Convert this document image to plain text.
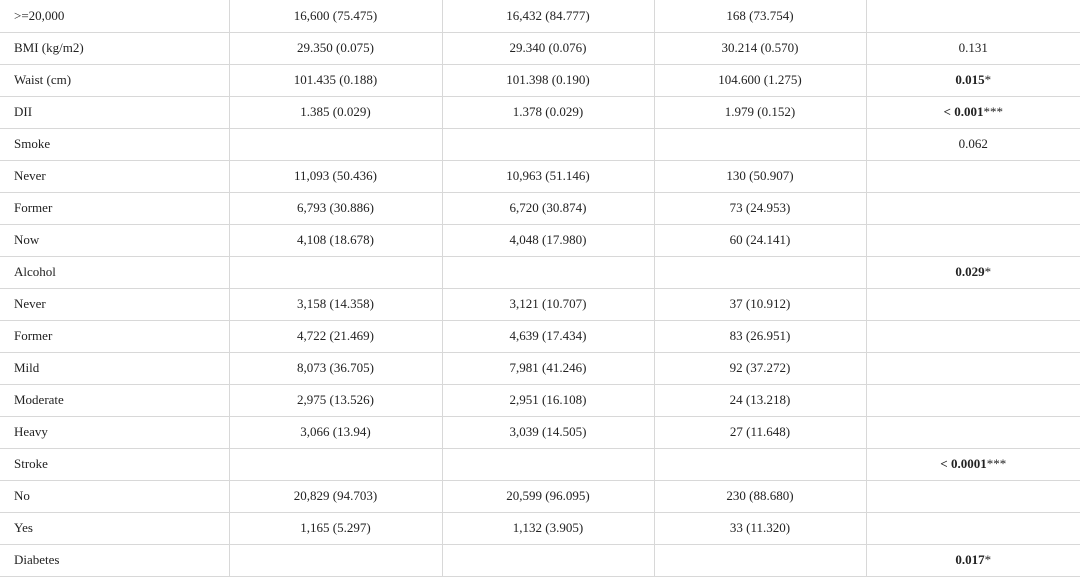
>=20,000	16,600 (75.475)	16,432 (84.777)	168 (73.754)	
BMI (kg/m2)	29.350 (0.075)	29.340 (0.076)	30.214 (0.570)	0.131
Waist (cm)	101.435 (0.188)	101.398 (0.190)	104.600 (1.275)	0.015*
DII	1.385 (0.029)	1.378 (0.029)	1.979 (0.152)	< 0.001***
Smoke				0.062
Never	11,093 (50.436)	10,963 (51.146)	130 (50.907)	
Former	6,793 (30.886)	6,720 (30.874)	73 (24.953)	
Now	4,108 (18.678)	4,048 (17.980)	60 (24.141)	
Alcohol				0.029*
Never	3,158 (14.358)	3,121 (10.707)	37 (10.912)	
Former	4,722 (21.469)	4,639 (17.434)	83 (26.951)	
Mild	8,073 (36.705)	7,981 (41.246)	92 (37.272)	
Moderate	2,975 (13.526)	2,951 (16.108)	24 (13.218)	
Heavy	3,066 (13.94)	3,039 (14.505)	27 (11.648)	
Stroke				< 0.0001***
No	20,829 (94.703)	20,599 (96.095)	230 (88.680)	
Yes	1,165 (5.297)	1,132 (3.905)	33 (11.320)	
Diabetes				0.017*
